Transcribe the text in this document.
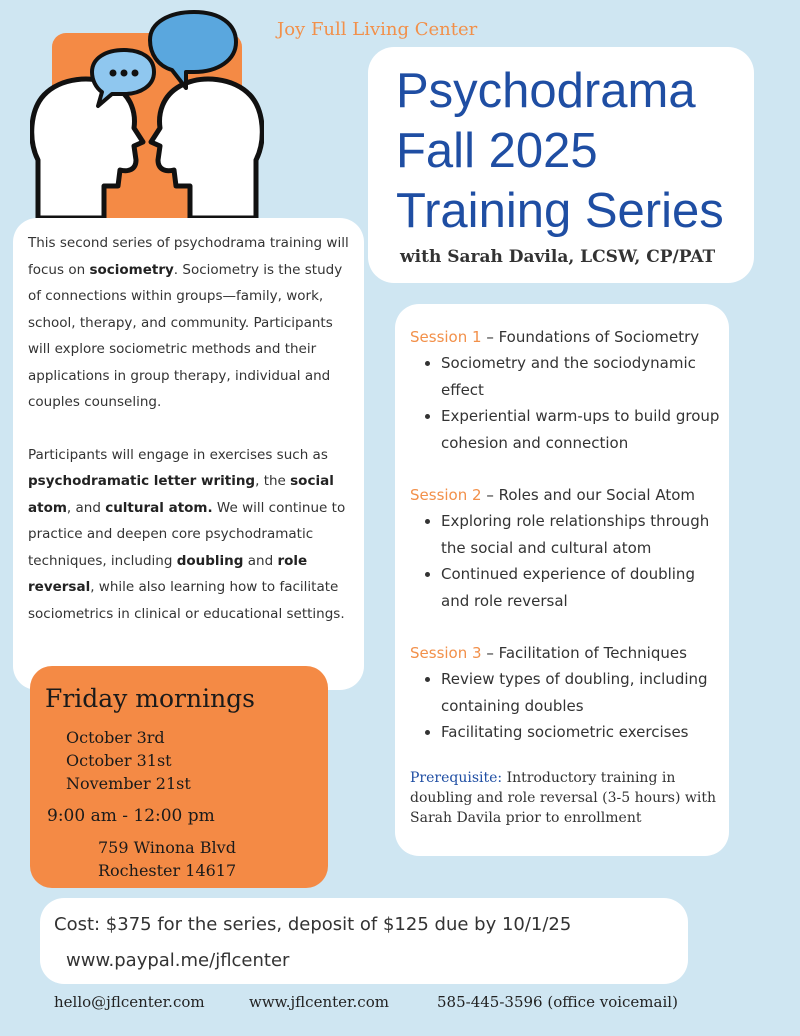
Joy Full Living Center
Psychodrama
Fall 2025
Training Series
with Sarah Davila, LCSW, CP/PAT

This second series of psychodrama training will focus on sociometry. Sociometry is the study of connections within groups—family, work, school, therapy, and community. Participants will explore sociometric methods and their applications in group therapy, individual and couples counseling.

Participants will engage in exercises such as psychodramatic letter writing, the social atom, and cultural atom. We will continue to practice and deepen core psychodramatic techniques, including doubling and role reversal, while also learning how to facilitate sociometrics in clinical or educational settings.

Session 1 – Foundations of Sociometry
• Sociometry and the sociodynamic effect
• Experiential warm-ups to build group cohesion and connection
Session 2 – Roles and our Social Atom
• Exploring role relationships through the social and cultural atom
• Continued experience of doubling and role reversal
Session 3 – Facilitation of Techniques
• Review types of doubling, including containing doubles
• Facilitating sociometric exercises
Prerequisite: Introductory training in doubling and role reversal (3-5 hours) with Sarah Davila prior to enrollment
Friday mornings
October 3rd
October 31st
November 21st
9:00 am - 12:00 pm
759 Winona Blvd
Rochester 14617
Cost: $375 for the series, deposit of $125 due by 10/1/25
www.paypal.me/jflcenter
hello@jflcenter.com	www.jflcenter.com	585-445-3596 (office voicemail)
